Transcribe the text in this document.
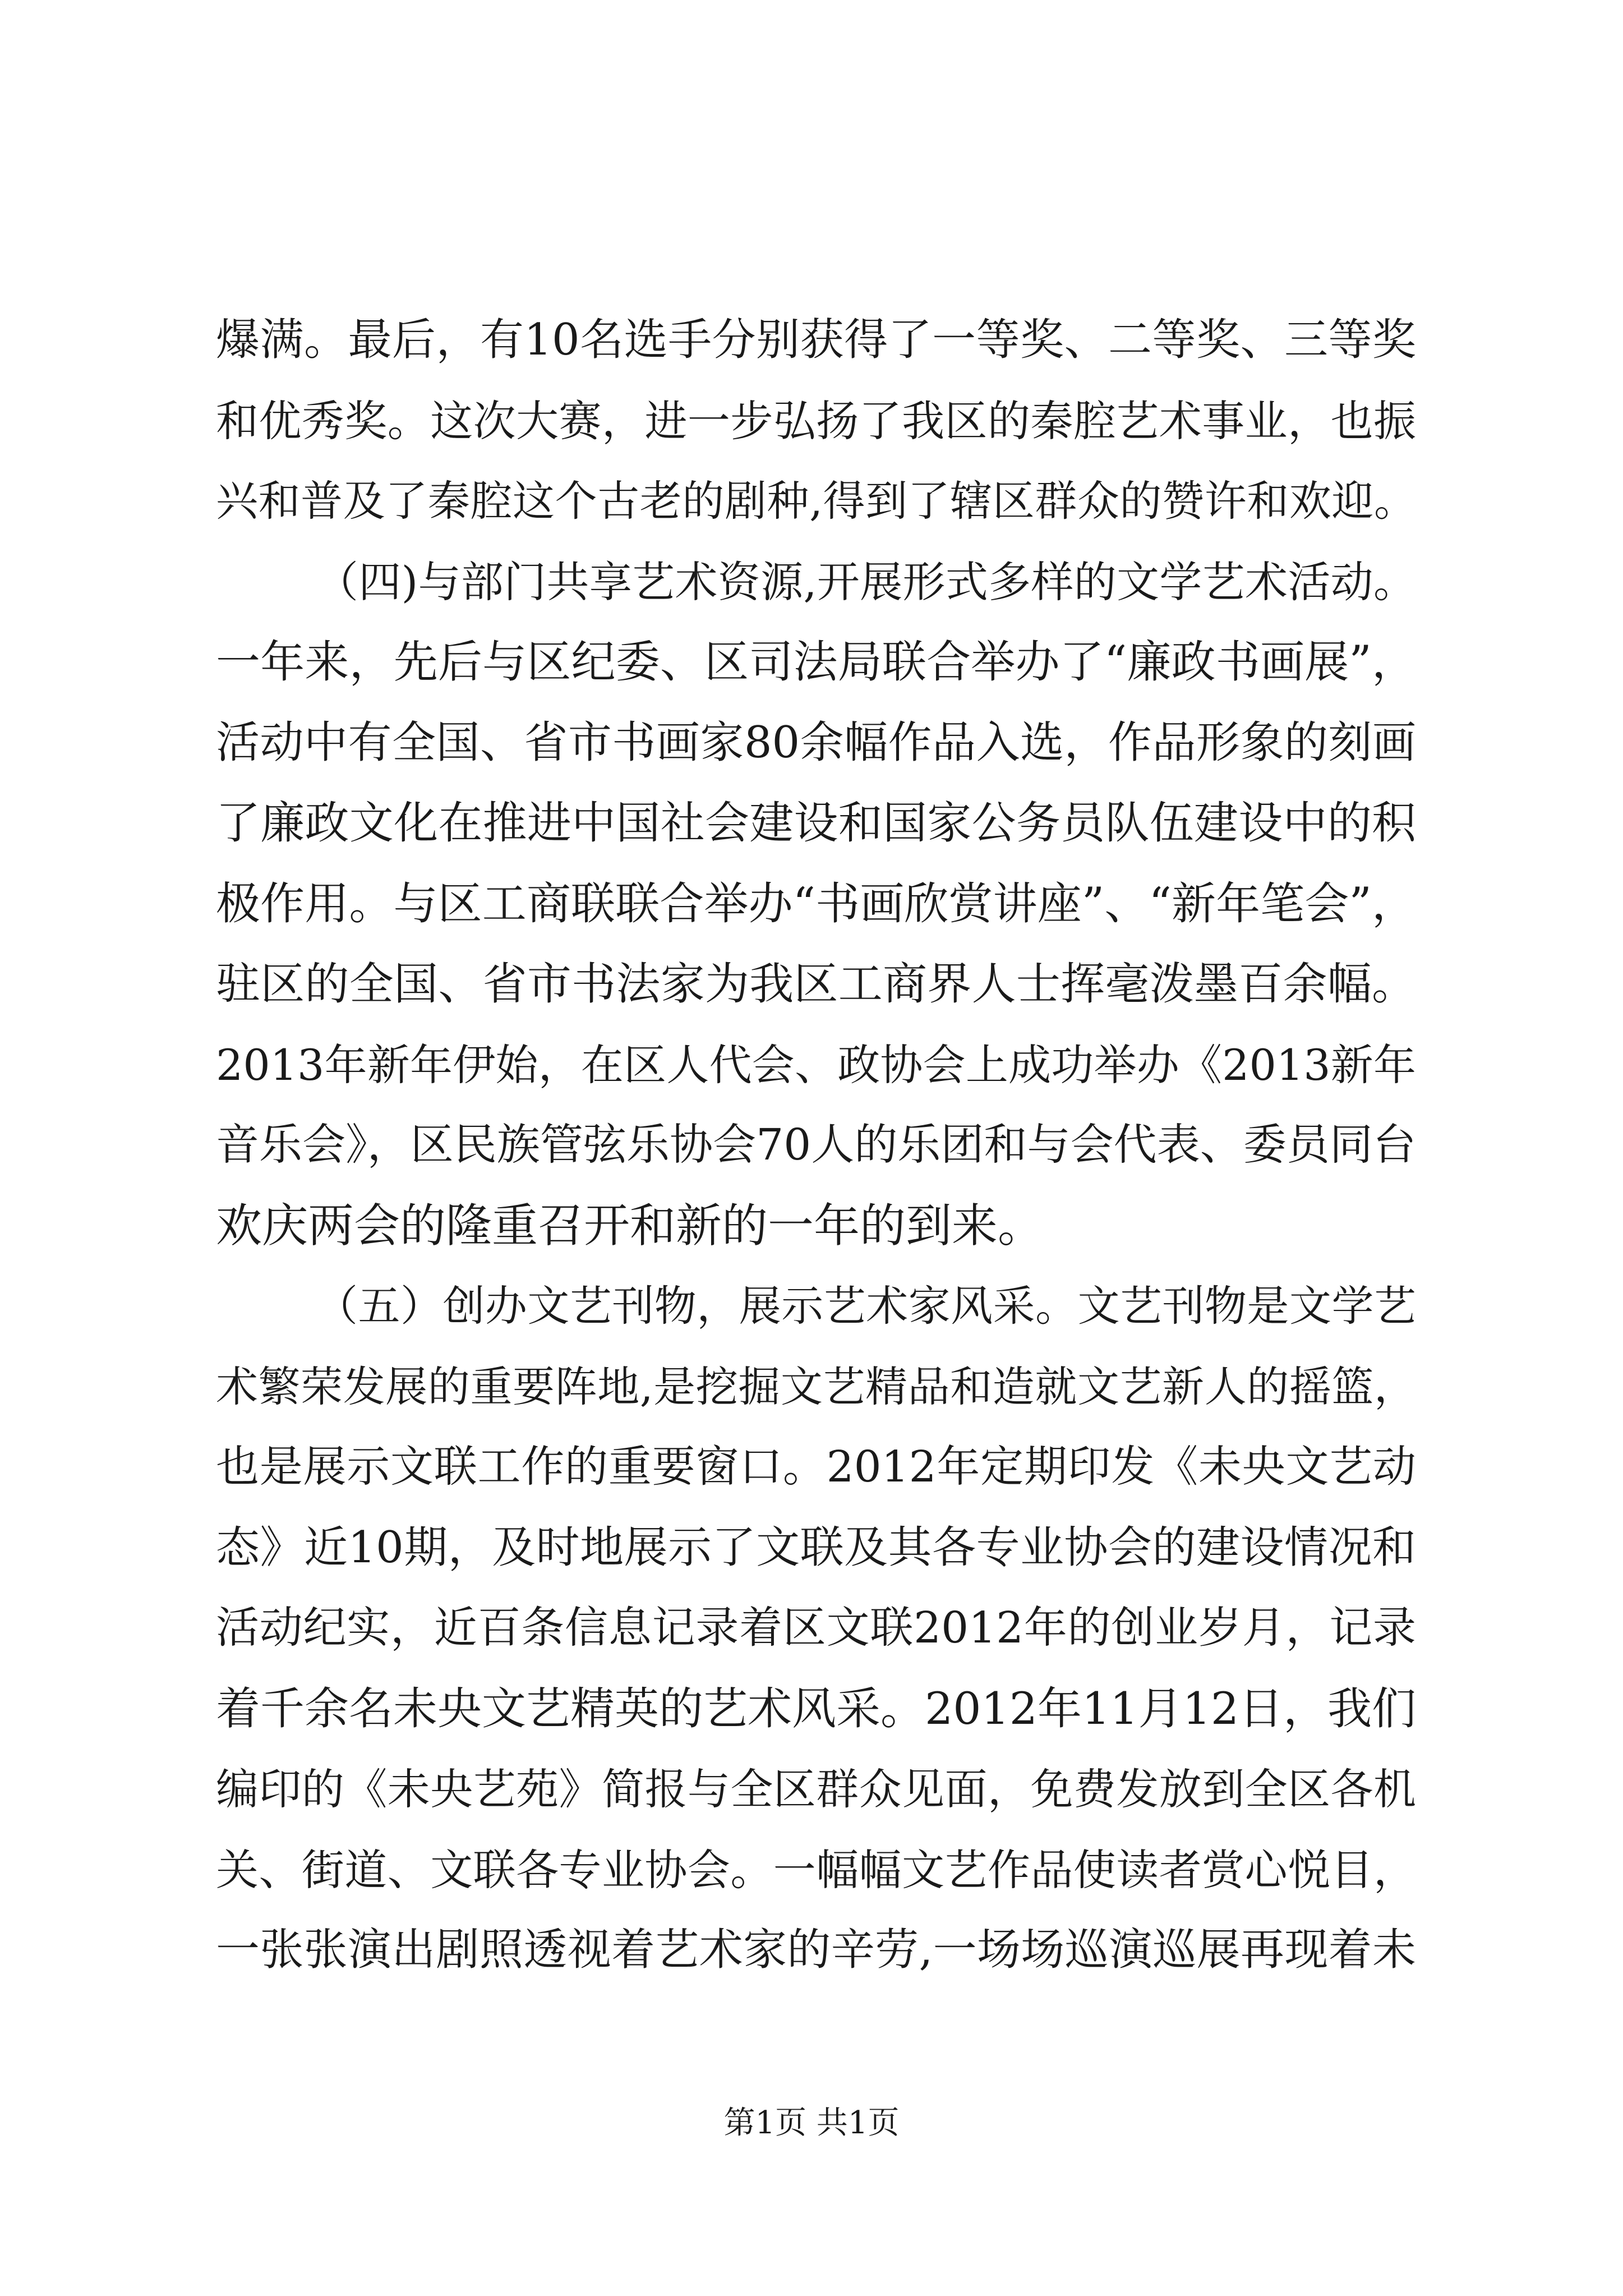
爆满。最后，有10名选手分别获得了一等奖、二等奖、三等奖
和优秀奖。这次大赛，进一步弘扬了我区的秦腔艺术事业，也振
兴和普及了秦腔这个古老的剧种,得到了辖区群众的赞许和欢迎。
（四)与部门共享艺术资源,开展形式多样的文学艺术活动。
一年来，先后与区纪委、区司法局联合举办了“廉政书画展”，
活动中有全国、省市书画家80余幅作品入选，作品形象的刻画
了廉政文化在推进中国社会建设和国家公务员队伍建设中的积
极作用。与区工商联联合举办“书画欣赏讲座”、“新年笔会”，
驻区的全国、省市书法家为我区工商界人士挥毫泼墨百余幅。
2013年新年伊始，在区人代会、政协会上成功举办《2013新年
音乐会》，区民族管弦乐协会70人的乐团和与会代表、委员同台
欢庆两会的隆重召开和新的一年的到来。
（五）创办文艺刊物，展示艺术家风采。文艺刊物是文学艺
术繁荣发展的重要阵地,是挖掘文艺精品和造就文艺新人的摇篮，
也是展示文联工作的重要窗口。2012年定期印发《未央文艺动
态》近10期，及时地展示了文联及其各专业协会的建设情况和
活动纪实，近百条信息记录着区文联2012年的创业岁月，记录
着千余名未央文艺精英的艺术风采。2012年11月12日，我们
编印的《未央艺苑》简报与全区群众见面，免费发放到全区各机
关、街道、文联各专业协会。一幅幅文艺作品使读者赏心悦目，
一张张演出剧照透视着艺术家的辛劳,一场场巡演巡展再现着未
第1页 共1页
